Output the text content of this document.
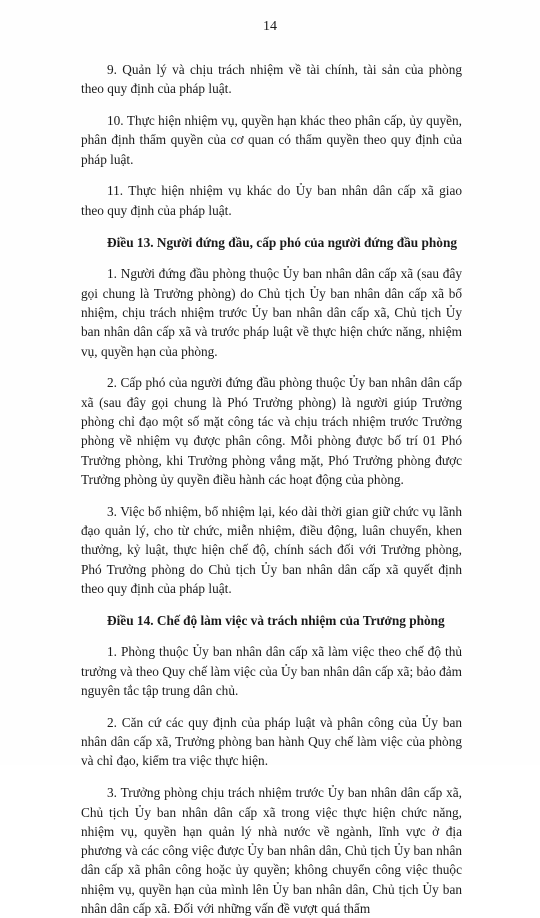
14

9. Quản lý và chịu trách nhiệm về tài chính, tài sản của phòng theo quy định của pháp luật.

10. Thực hiện nhiệm vụ, quyền hạn khác theo phân cấp, ủy quyền, phân định thẩm quyền của cơ quan có thẩm quyền theo quy định của pháp luật.

11. Thực hiện nhiệm vụ khác do Ủy ban nhân dân cấp xã giao theo quy định của pháp luật.

Điều 13. Người đứng đầu, cấp phó của người đứng đầu phòng

1. Người đứng đầu phòng thuộc Ủy ban nhân dân cấp xã (sau đây gọi chung là Trưởng phòng) do Chủ tịch Ủy ban nhân dân cấp xã bổ nhiệm, chịu trách nhiệm trước Ủy ban nhân dân cấp xã, Chủ tịch Ủy ban nhân dân cấp xã và trước pháp luật về thực hiện chức năng, nhiệm vụ, quyền hạn của phòng.

2. Cấp phó của người đứng đầu phòng thuộc Ủy ban nhân dân cấp xã (sau đây gọi chung là Phó Trưởng phòng) là người giúp Trưởng phòng chỉ đạo một số mặt công tác và chịu trách nhiệm trước Trưởng phòng về nhiệm vụ được phân công. Mỗi phòng được bố trí 01 Phó Trưởng phòng, khi Trưởng phòng vắng mặt, Phó Trưởng phòng được Trưởng phòng ủy quyền điều hành các hoạt động của phòng.

3. Việc bổ nhiệm, bổ nhiệm lại, kéo dài thời gian giữ chức vụ lãnh đạo quản lý, cho từ chức, miễn nhiệm, điều động, luân chuyển, khen thưởng, kỷ luật, thực hiện chế độ, chính sách đối với Trưởng phòng, Phó Trưởng phòng do Chủ tịch Ủy ban nhân dân cấp xã quyết định theo quy định của pháp luật.

Điều 14. Chế độ làm việc và trách nhiệm của Trưởng phòng

1. Phòng thuộc Ủy ban nhân dân cấp xã làm việc theo chế độ thủ trưởng và theo Quy chế làm việc của Ủy ban nhân dân cấp xã; bảo đảm nguyên tắc tập trung dân chủ.

2. Căn cứ các quy định của pháp luật và phân công của Ủy ban nhân dân cấp xã, Trưởng phòng ban hành Quy chế làm việc của phòng và chỉ đạo, kiểm tra việc thực hiện.

3. Trưởng phòng chịu trách nhiệm trước Ủy ban nhân dân cấp xã, Chủ tịch Ủy ban nhân dân cấp xã trong việc thực hiện chức năng, nhiệm vụ, quyền hạn quản lý nhà nước về ngành, lĩnh vực ở địa phương và các công việc được Ủy ban nhân dân, Chủ tịch Ủy ban nhân dân cấp xã phân công hoặc ủy quyền; không chuyển công việc thuộc nhiệm vụ, quyền hạn của mình lên Ủy ban nhân dân, Chủ tịch Ủy ban nhân dân cấp xã. Đối với những vấn đề vượt quá thẩm
